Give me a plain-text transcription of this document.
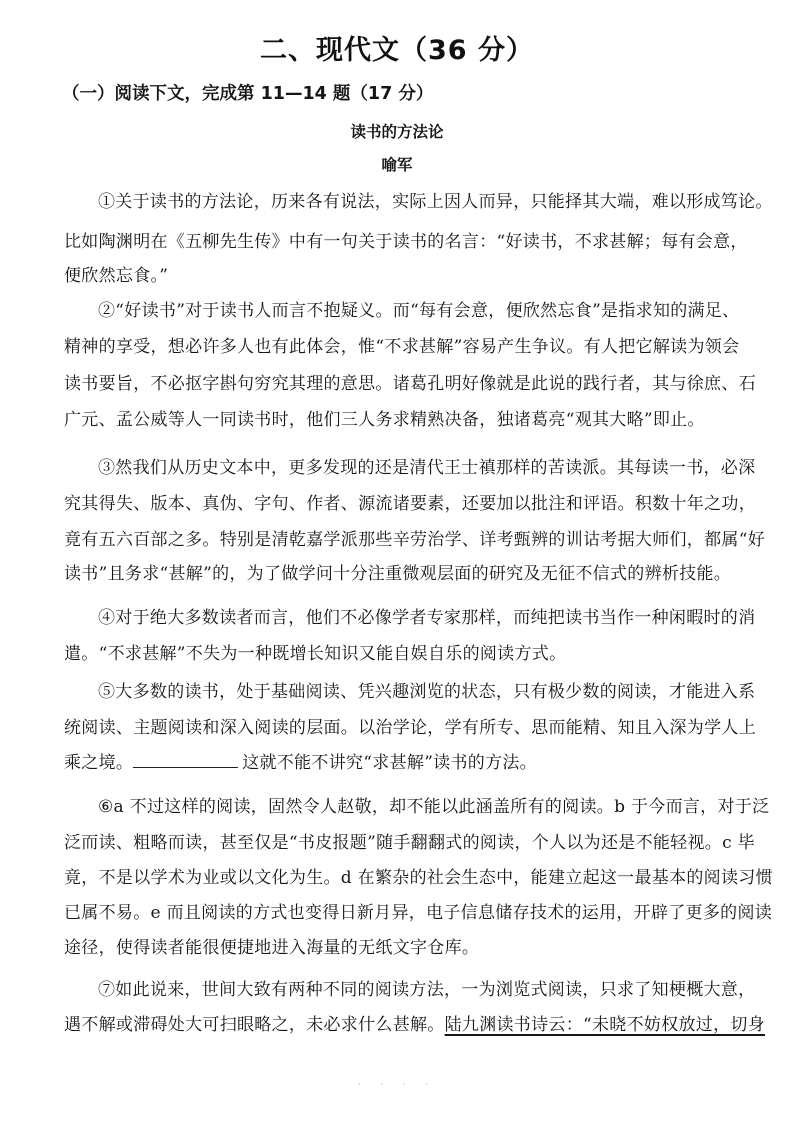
二、现代文（36 分）
（一）阅读下文，完成第 11—14 题（17 分）
读书的方法论
喻军
①关于读书的方法论，历来各有说法，实际上因人而异，只能择其大端，难以形成笃论。
比如陶渊明在《五柳先生传》中有一句关于读书的名言：“好读书，不求甚解；每有会意，
便欣然忘食。”
②“好读书”对于读书人而言不抱疑义。而“每有会意，便欣然忘食”是指求知的满足、
精神的享受，想必许多人也有此体会，惟“不求甚解”容易产生争议。有人把它解读为领会
读书要旨，不必抠字斟句穷究其理的意思。诸葛孔明好像就是此说的践行者，其与徐庶、石
广元、孟公威等人一同读书时，他们三人务求精熟决备，独诸葛亮“观其大略”即止。
③然我们从历史文本中，更多发现的还是清代王士禛那样的苦读派。其每读一书，必深
究其得失、版本、真伪、字句、作者、源流诸要素，还要加以批注和评语。积数十年之功，
竟有五六百部之多。特别是清乾嘉学派那些辛劳治学、详考甄辨的训诂考据大师们，都属“好
读书”且务求“甚解”的，为了做学问十分注重微观层面的研究及无征不信式的辨析技能。
④对于绝大多数读者而言，他们不必像学者专家那样，而纯把读书当作一种闲暇时的消
遣。“不求甚解”不失为一种既增长知识又能自娱自乐的阅读方式。
⑤大多数的读书，处于基础阅读、凭兴趣浏览的状态，只有极少数的阅读，才能进入系
统阅读、主题阅读和深入阅读的层面。以治学论，学有所专、思而能精、知且入深为学人上
乘之境。	这就不能不讲究“求甚解”读书的方法。
⑥a 不过这样的阅读，固然令人赵敬，却不能以此涵盖所有的阅读。b 于今而言，对于泛
泛而读、粗略而读，甚至仅是“书皮报题”随手翻翻式的阅读，个人以为还是不能轻视。c 毕
竟，不是以学术为业或以文化为生。d 在繁杂的社会生态中，能建立起这一最基本的阅读习惯
已属不易。e 而且阅读的方式也变得日新月异，电子信息储存技术的运用，开辟了更多的阅读
途径，使得读者能很便捷地进入海量的无纸文字仓库。
⑦如此说来，世间大致有两种不同的阅读方法，一为浏览式阅读，只求了知梗概大意，
遇不解或滞碍处大可扫眼略之，未必求什么甚解。陆九渊读书诗云：“未晓不妨权放过，切身
· · · ·
